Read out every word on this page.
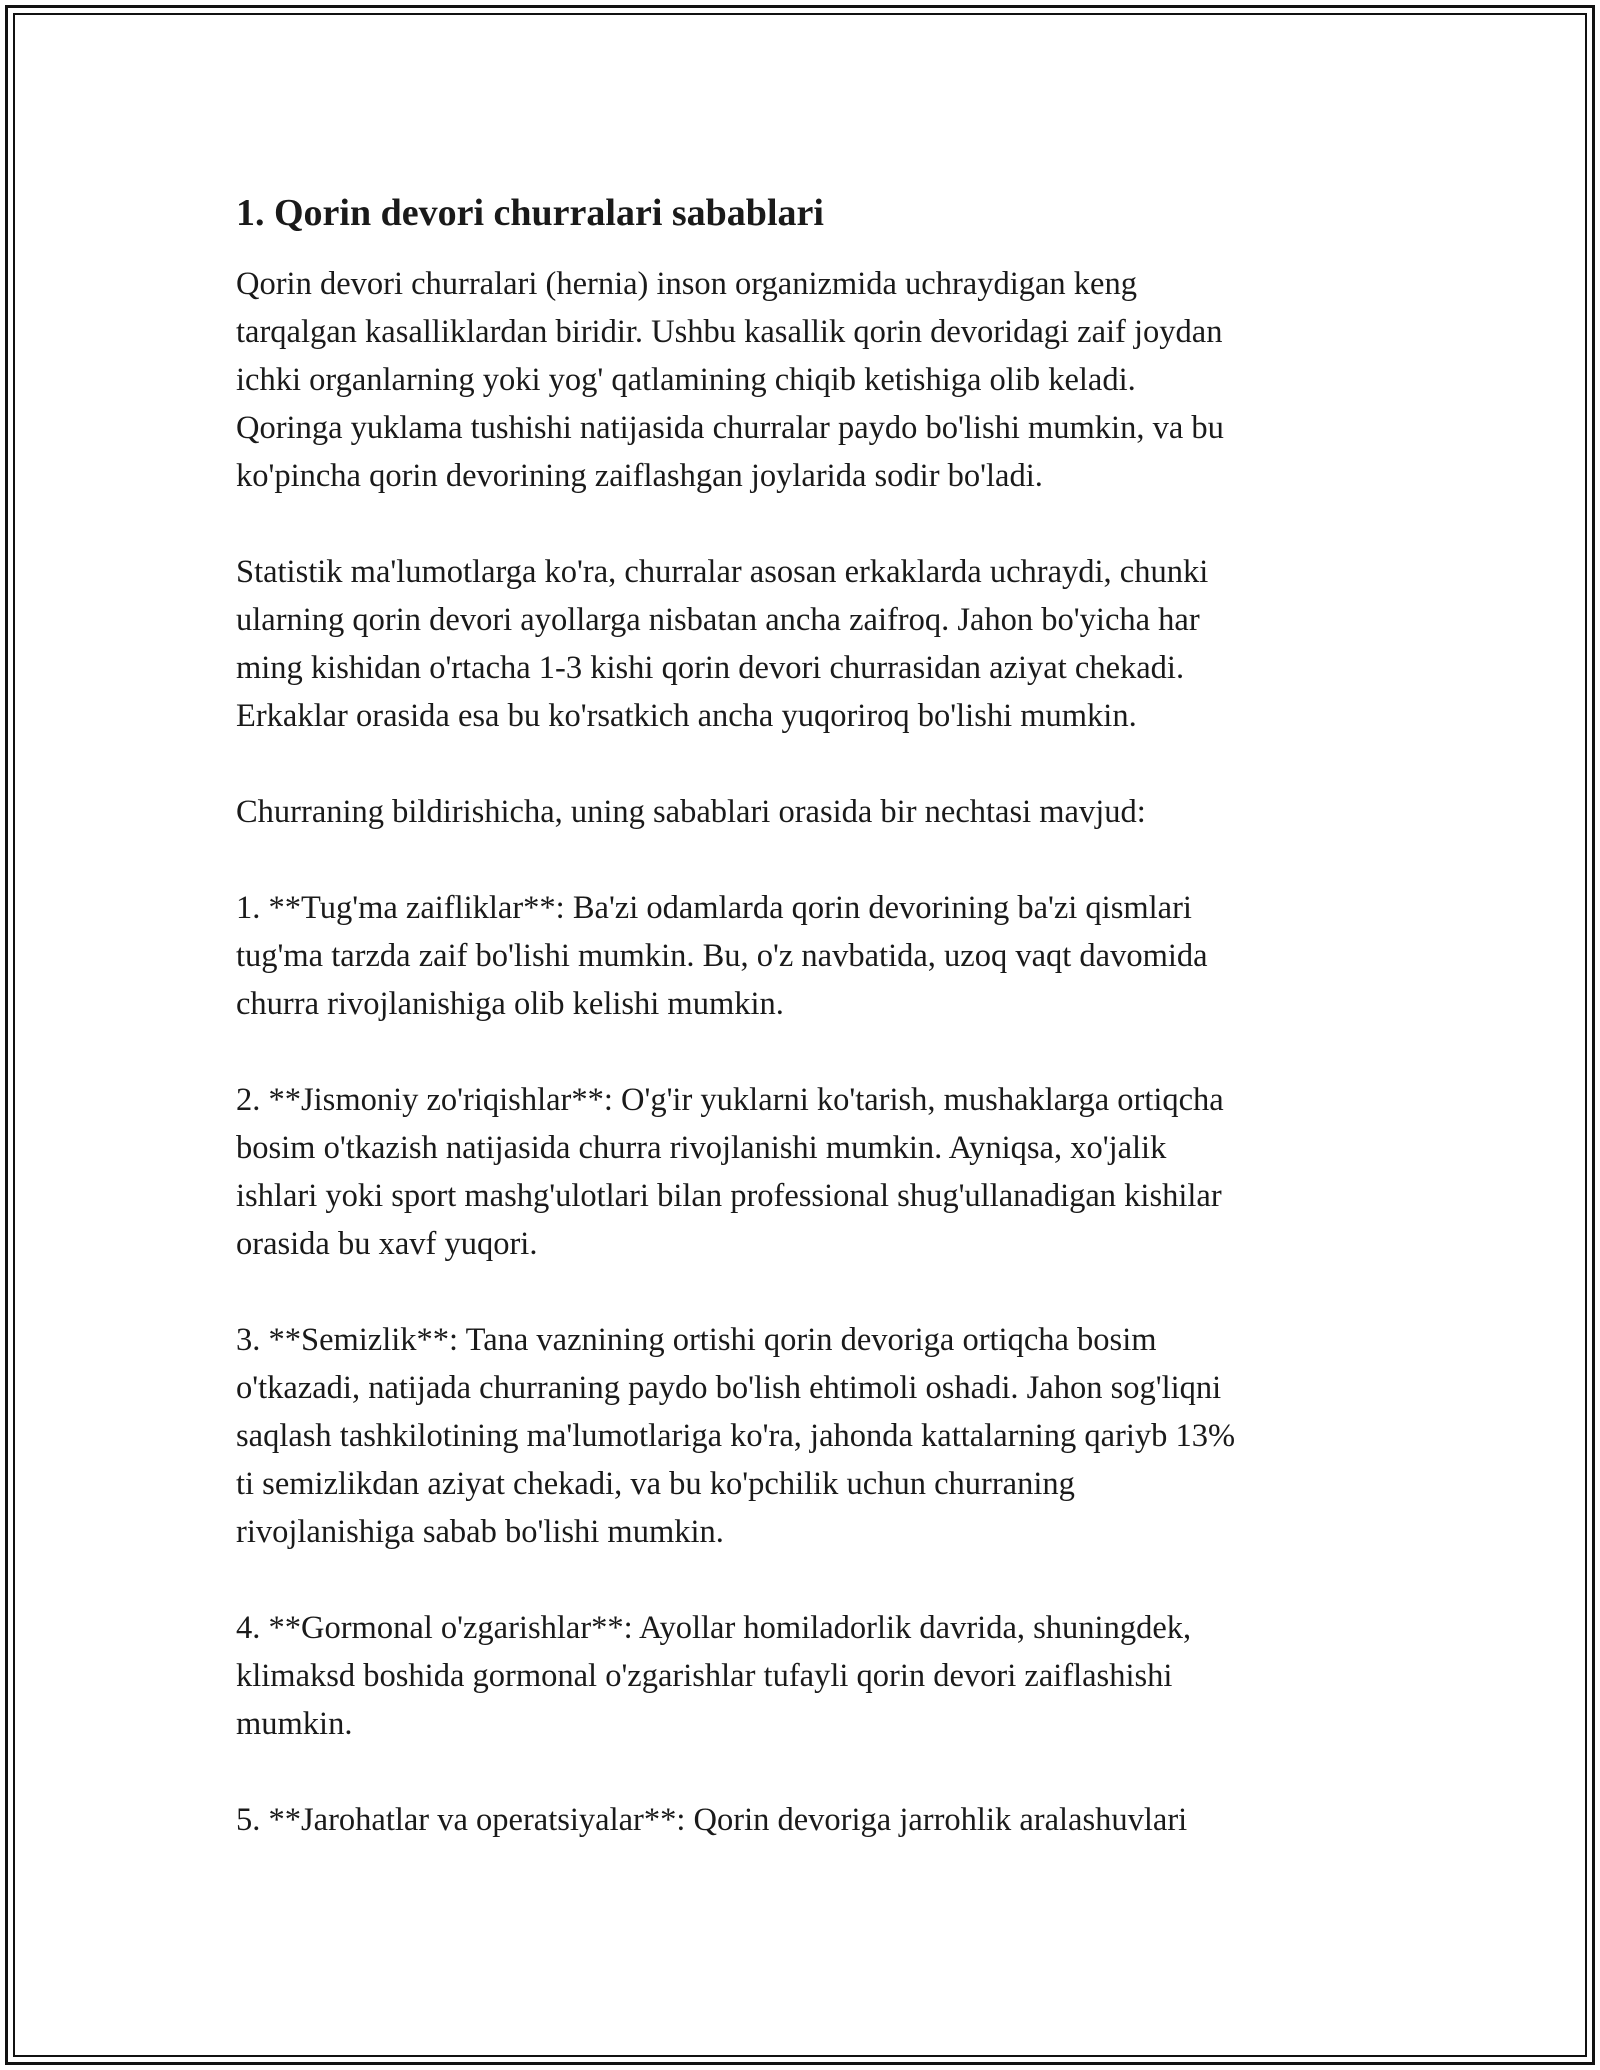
1. Qorin devori churralari sabablari

Qorin devori churralari (hernia) inson organizmida uchraydigan keng
tarqalgan kasalliklardan biridir. Ushbu kasallik qorin devoridagi zaif joydan
ichki organlarning yoki yog' qatlamining chiqib ketishiga olib keladi.
Qoringa yuklama tushishi natijasida churralar paydo bo'lishi mumkin, va bu
ko'pincha qorin devorining zaiflashgan joylarida sodir bo'ladi.

Statistik ma'lumotlarga ko'ra, churralar asosan erkaklarda uchraydi, chunki
ularning qorin devori ayollarga nisbatan ancha zaifroq. Jahon bo'yicha har
ming kishidan o'rtacha 1-3 kishi qorin devori churrasidan aziyat chekadi.
Erkaklar orasida esa bu ko'rsatkich ancha yuqoriroq bo'lishi mumkin.

Churraning bildirishicha, uning sabablari orasida bir nechtasi mavjud:

1. **Tug'ma zaifliklar**: Ba'zi odamlarda qorin devorining ba'zi qismlari
tug'ma tarzda zaif bo'lishi mumkin. Bu, o'z navbatida, uzoq vaqt davomida
churra rivojlanishiga olib kelishi mumkin.

2. **Jismoniy zo'riqishlar**: O'g'ir yuklarni ko'tarish, mushaklarga ortiqcha
bosim o'tkazish natijasida churra rivojlanishi mumkin. Ayniqsa, xo'jalik
ishlari yoki sport mashg'ulotlari bilan professional shug'ullanadigan kishilar
orasida bu xavf yuqori.

3. **Semizlik**: Tana vaznining ortishi qorin devoriga ortiqcha bosim
o'tkazadi, natijada churraning paydo bo'lish ehtimoli oshadi. Jahon sog'liqni
saqlash tashkilotining ma'lumotlariga ko'ra, jahonda kattalarning qariyb 13%
ti semizlikdan aziyat chekadi, va bu ko'pchilik uchun churraning
rivojlanishiga sabab bo'lishi mumkin.

4. **Gormonal o'zgarishlar**: Ayollar homiladorlik davrida, shuningdek,
klimaksd boshida gormonal o'zgarishlar tufayli qorin devori zaiflashishi
mumkin.

5. **Jarohatlar va operatsiyalar**: Qorin devoriga jarrohlik aralashuvlari
